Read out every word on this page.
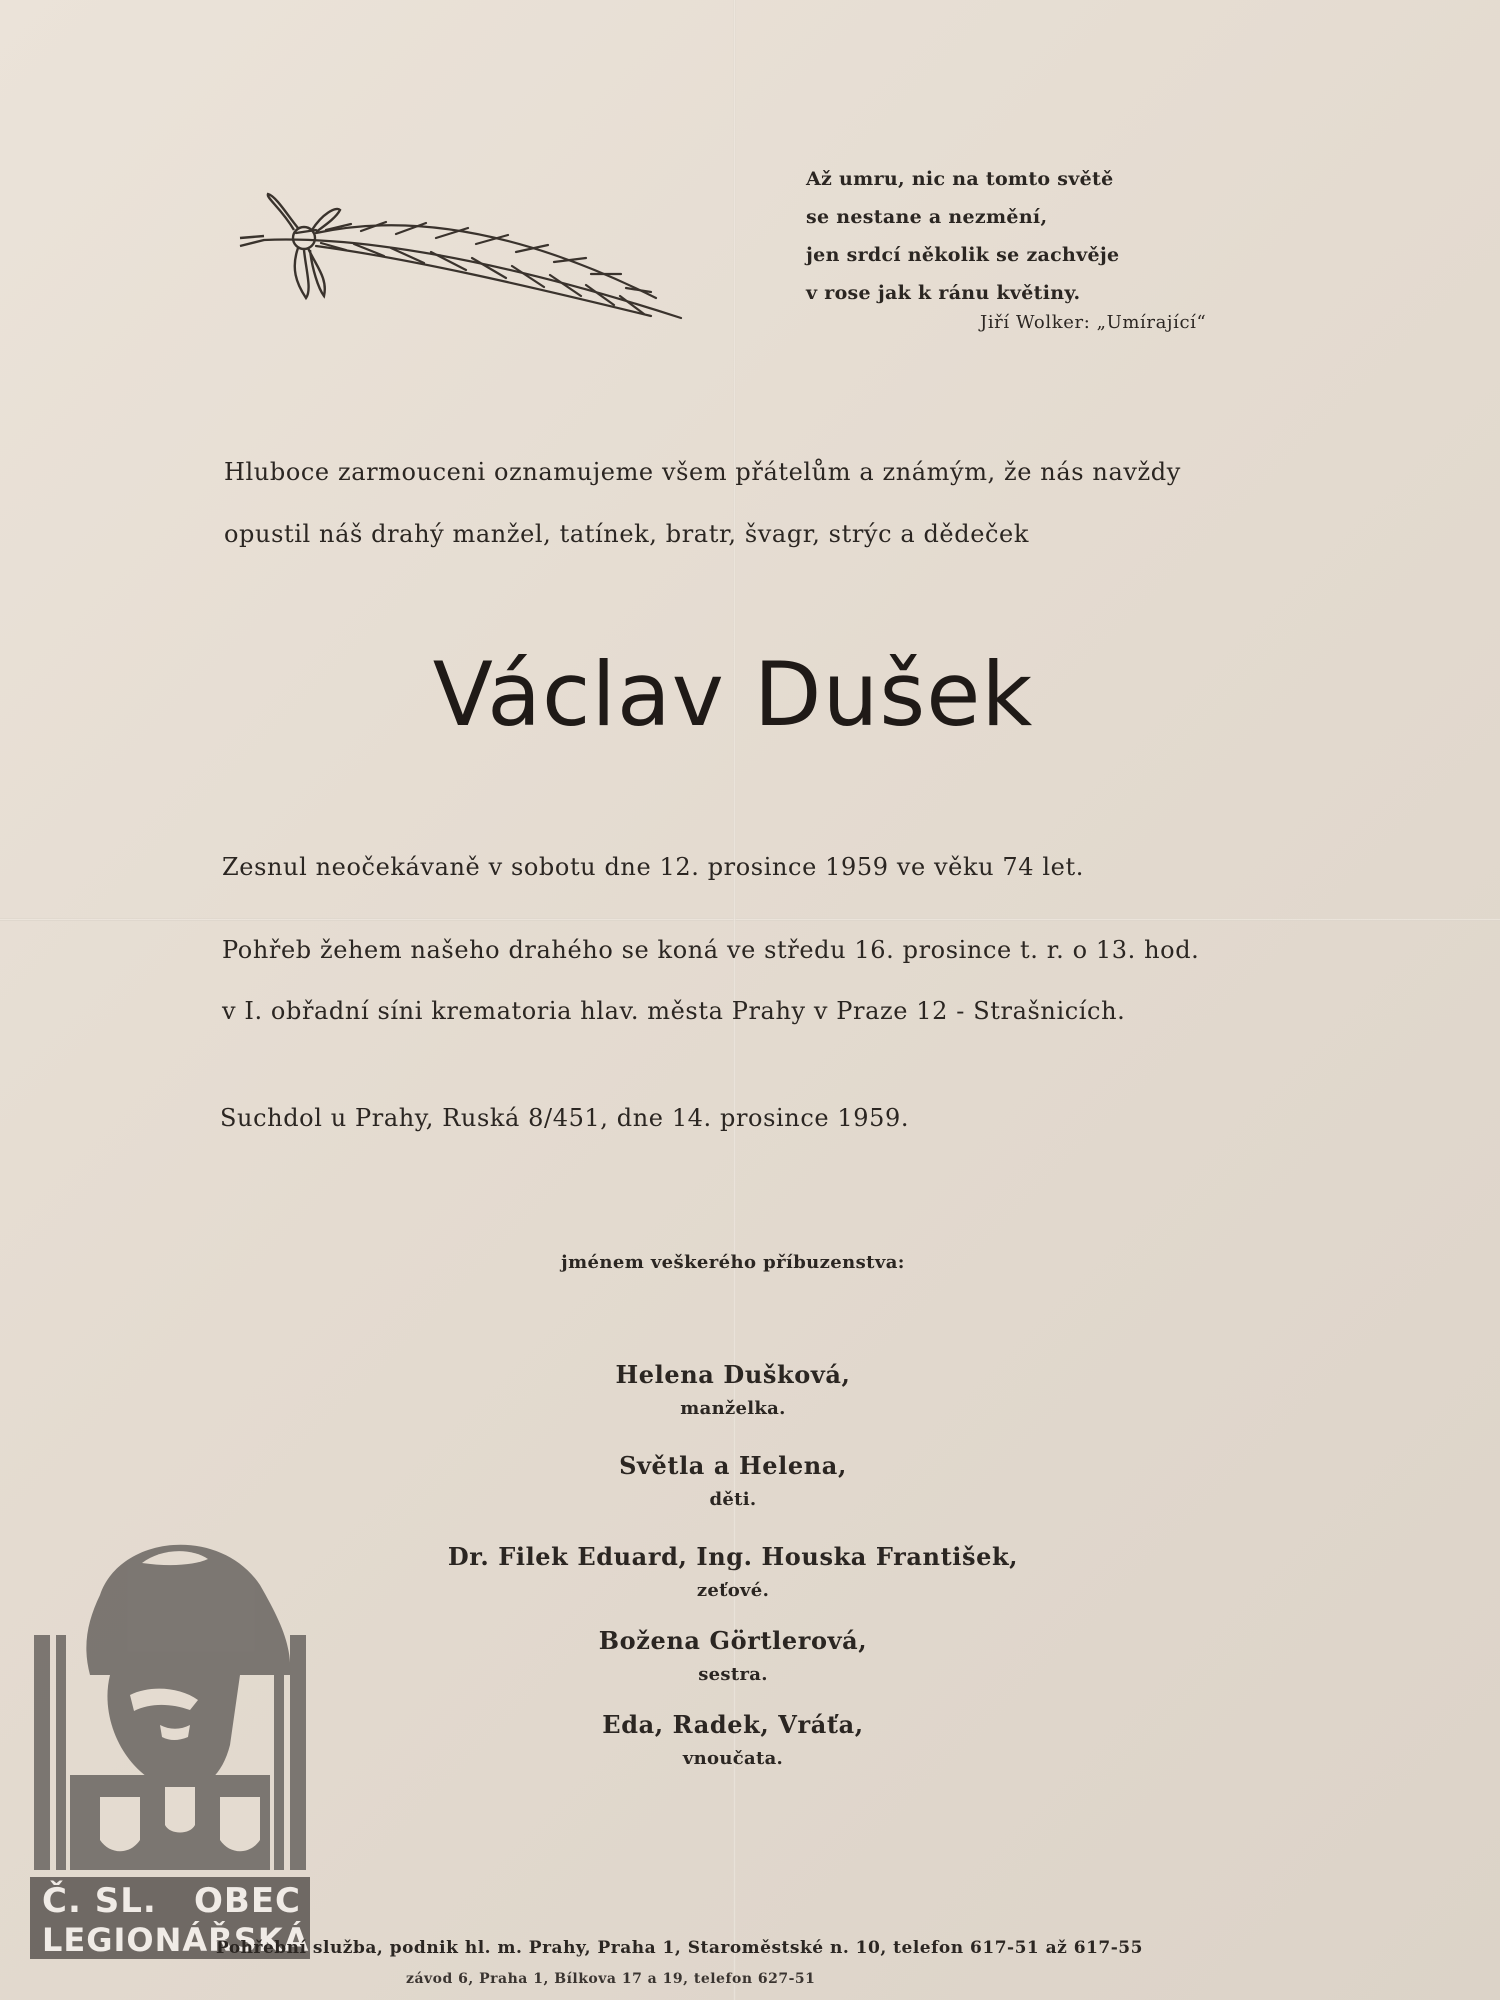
Až umru, nic na tomto světě
se nestane a nezmění,
jen srdcí několik se zachvěje
v rose jak k ránu květiny.
Jiří Wolker: „Umírající“
Hluboce zarmouceni oznamujeme všem přátelům a známým, že nás navždy
opustil náš drahý manžel, tatínek, bratr, švagr, strýc a dědeček
Václav Dušek
Zesnul neočekávaně v sobotu dne 12. prosince 1959 ve věku 74 let.
Pohřeb žehem našeho drahého se koná ve středu 16. prosince t. r. o 13. hod.
v I. obřadní síni krematoria hlav. města Prahy v Praze 12 - Strašnicích.
Suchdol u Prahy, Ruská 8/451, dne 14. prosince 1959.
jménem veškerého příbuzenstva:
Helena Dušková,
manželka.
Světla a Helena,
děti.
Dr. Filek Eduard, Ing. Houska František,
zeťové.
Božena Görtlerová,
sestra.
Eda, Radek, Vráťa,
vnoučata.
Č. SL. OBEC
LEGIONÁŘSKÁ
Pohřební služba, podnik hl. m. Prahy, Praha 1, Staroměstské n. 10, telefon 617-51 až 617-55
závod 6, Praha 1, Bílkova 17 a 19, telefon 627-51
